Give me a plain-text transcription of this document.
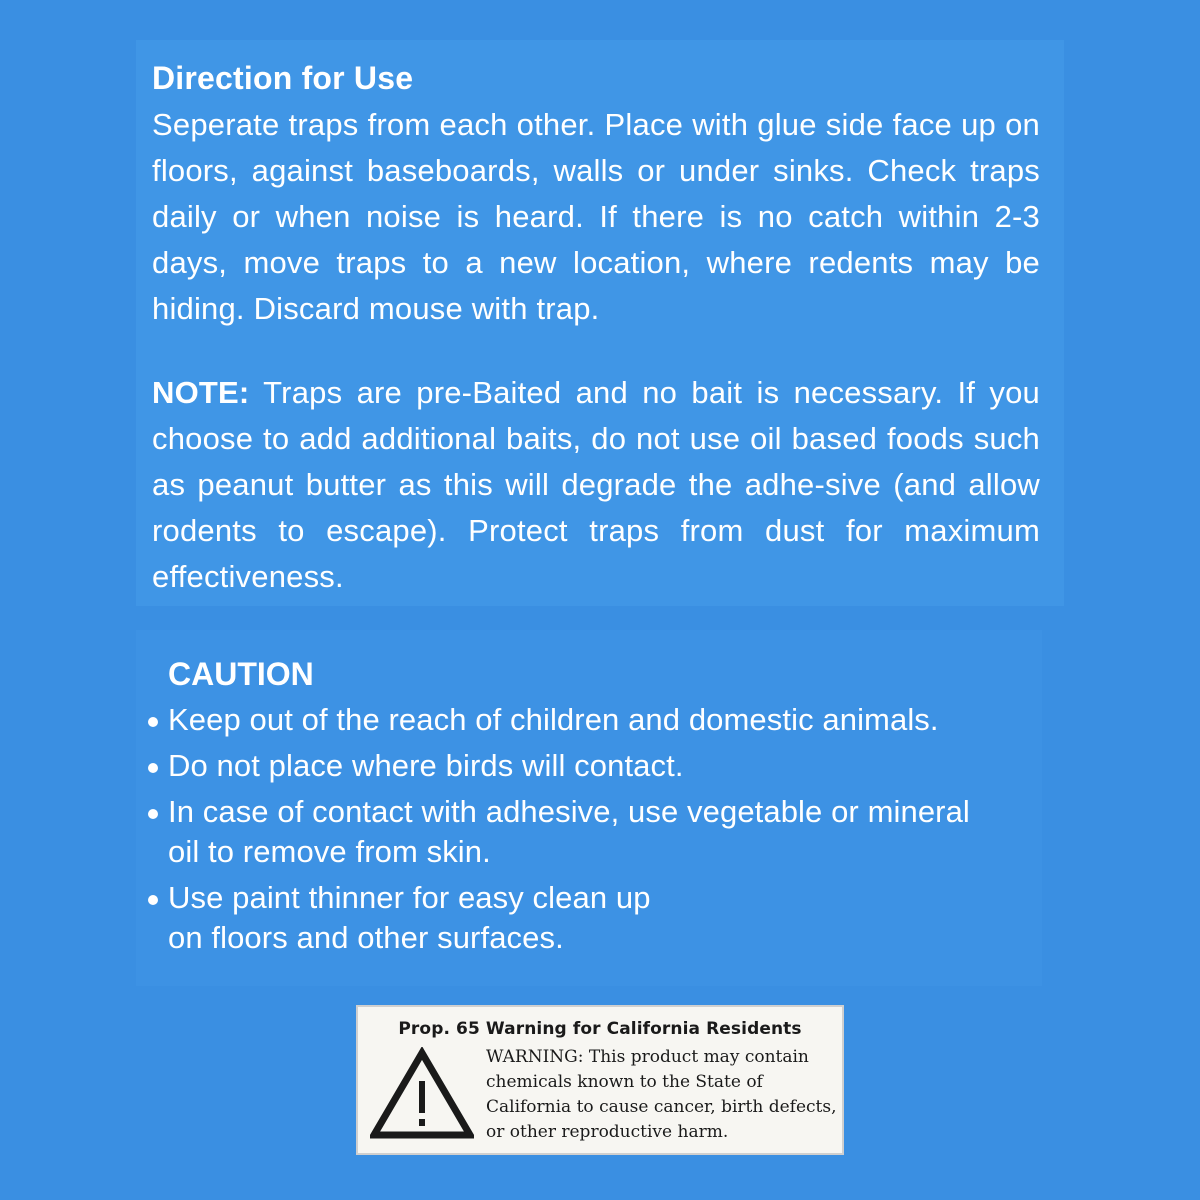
Direction for Use

Seperate traps from each other. Place with glue side face up on floors, against baseboards, walls or under sinks. Check traps daily or when noise is heard. If there is no catch within 2-3 days, move traps to a new location, where redents may be hiding. Discard mouse with trap.

NOTE: Traps are pre-Baited and no bait is necessary. If you choose to add additional baits, do not use oil based foods such as peanut butter as this will degrade the adhe-sive (and allow rodents to escape). Protect traps from dust for maximum effectiveness.

CAUTION
Keep out of the reach of children and domestic animals.
Do not place where birds will contact.
In case of contact with adhesive, use vegetable or mineral oil to remove from skin.
Use paint thinner for easy clean up on floors and other surfaces.
Prop. 65 Warning for California Residents
WARNING: This product may contain chemicals known to the State of California to cause cancer, birth defects, or other reproductive harm.
